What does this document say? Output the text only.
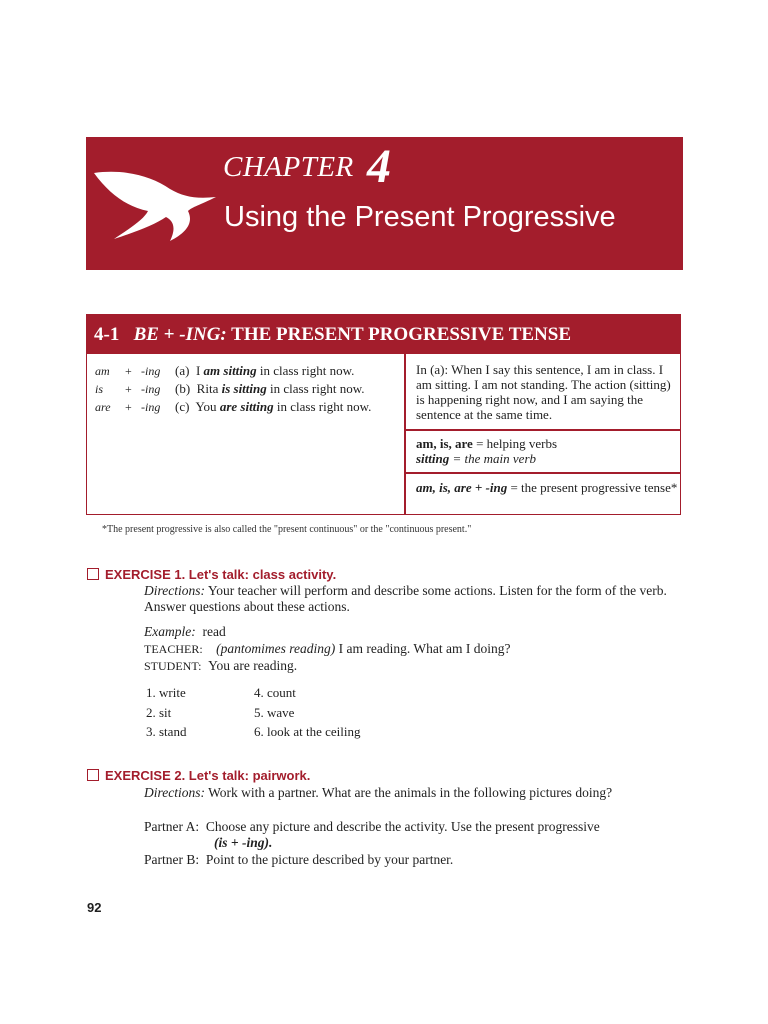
CHAPTER 4
Using the Present Progressive
4-1 BE + -ING: THE PRESENT PROGRESSIVE TENSE
am + -ing
is + -ing
are + -ing
(a) I am sitting in class right now.
(b) Rita is sitting in class right now.
(c) You are sitting in class right now.
In (a): When I say this sentence, I am in class. I am sitting. I am not standing. The action (sitting) is happening right now, and I am saying the sentence at the same time.
am, is, are = helping verbs
sitting = the main verb
am, is, are + -ing = the present progressive tense*
*The present progressive is also called the "present continuous" or the "continuous present."
EXERCISE 1. Let's talk: class activity.
Directions: Your teacher will perform and describe some actions. Listen for the form of the verb. Answer questions about these actions.
Example: read
TEACHER: (pantomimes reading) I am reading. What am I doing?
STUDENT: You are reading.
1. write
2. sit
3. stand
4. count
5. wave
6. look at the ceiling
EXERCISE 2. Let's talk: pairwork.
Directions: Work with a partner. What are the animals in the following pictures doing?
Partner A: Choose any picture and describe the activity. Use the present progressive
(is + -ing).
Partner B: Point to the picture described by your partner.
92
